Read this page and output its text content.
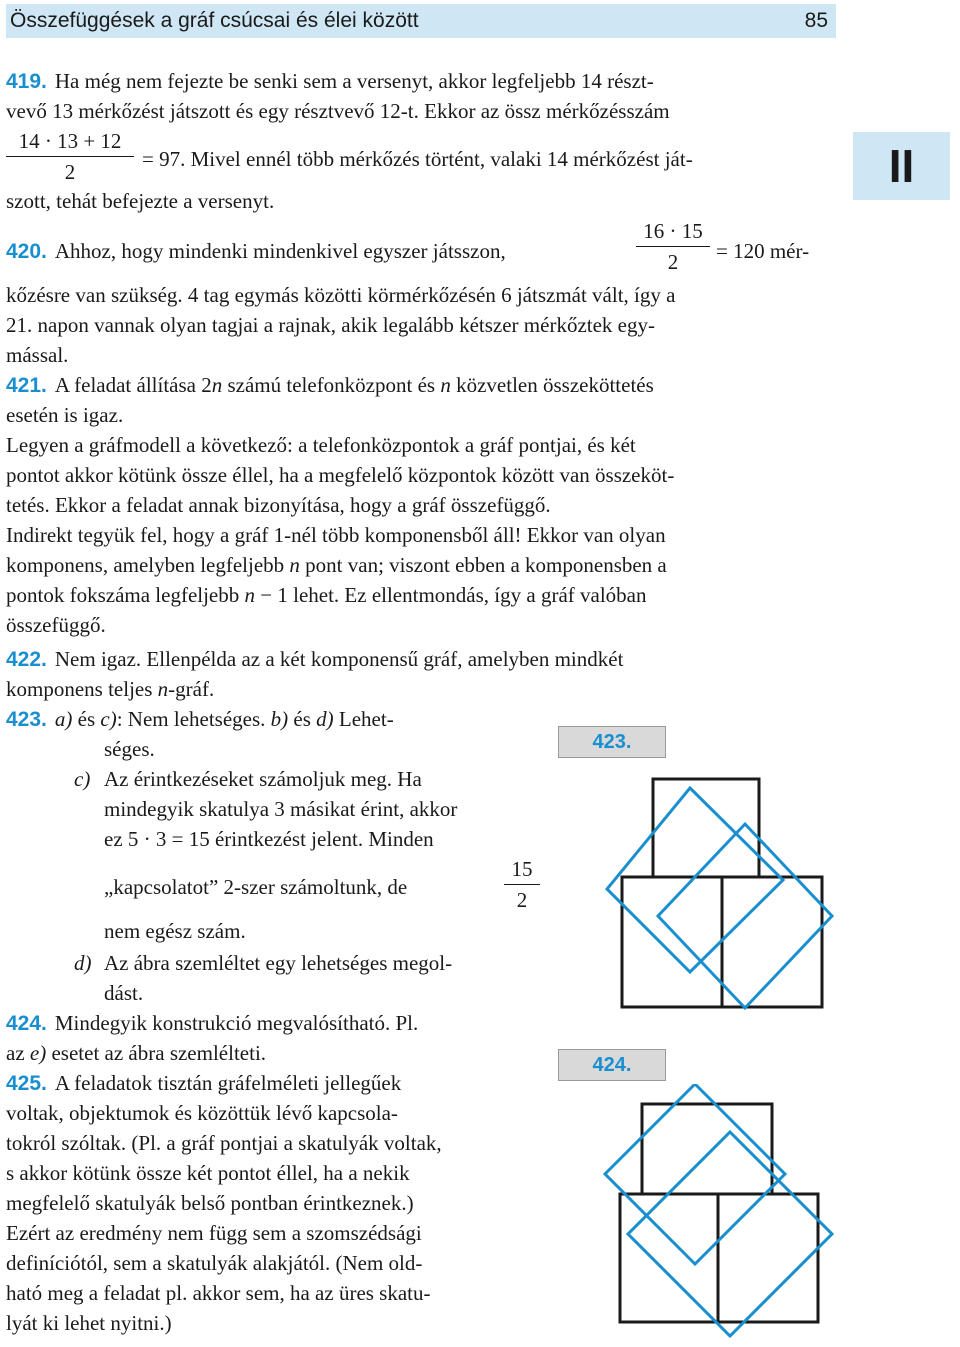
Összefüggések a gráf csúcsai és élei között	85
II
419. Ha még nem fejezte be senki sem a versenyt, akkor legfeljebb 14 részt-
vevő 13 mérkőzést játszott és egy résztvevő 12-t. Ekkor az össz mérkőzésszám
14 · 13 + 12
2
= 97. Mivel ennél több mérkőzés történt, valaki 14 mérkőzést ját-
szott, tehát befejezte a versenyt.
420. Ahhoz, hogy mindenki mindenkivel egyszer játsszon,
16 · 15
2	= 120 mér-
kőzésre van szükség. 4 tag egymás közötti körmérkőzésén 6 játszmát vált, így a
21. napon vannak olyan tagjai a rajnak, akik legalább kétszer mérkőztek egy-
mással.
421. A feladat állítása 2n számú telefonközpont és n közvetlen összeköttetés
esetén is igaz.
Legyen a gráfmodell a következő: a telefonközpontok a gráf pontjai, és két
pontot akkor kötünk össze éllel, ha a megfelelő központok között van összeköt-
tetés. Ekkor a feladat annak bizonyítása, hogy a gráf összefüggő.
Indirekt tegyük fel, hogy a gráf 1-nél több komponensből áll! Ekkor van olyan
komponens, amelyben legfeljebb n pont van; viszont ebben a komponensben a
pontok fokszáma legfeljebb n − 1 lehet. Ez ellentmondás, így a gráf valóban
összefüggő.
422. Nem igaz. Ellenpélda az a két komponensű gráf, amelyben mindkét
komponens teljes n-gráf.
423. a) és c): Nem lehetséges. b) és d) Lehet-
séges.
c) Az érintkezéseket számoljuk meg. Ha
mindegyik skatulya 3 másikat érint, akkor
ez 5 · 3 = 15 érintkezést jelent. Minden
„kapcsolatot” 2-szer számoltunk, de
15
2
nem egész szám.
d) Az ábra szemléltet egy lehetséges megol-
dást.
424. Mindegyik konstrukció megvalósítható. Pl.
az e) esetet az ábra szemlélteti.
425. A feladatok tisztán gráfelméleti jellegűek
voltak, objektumok és közöttük lévő kapcsola-
tokról szóltak. (Pl. a gráf pontjai a skatulyák voltak,
s akkor kötünk össze két pontot éllel, ha a nekik
megfelelő skatulyák belső pontban érintkeznek.)
Ezért az eredmény nem függ sem a szomszédsági
definíciótól, sem a skatulyák alakjától. (Nem old-
ható meg a feladat pl. akkor sem, ha az üres skatu-
lyát ki lehet nyitni.)
423.
424.
